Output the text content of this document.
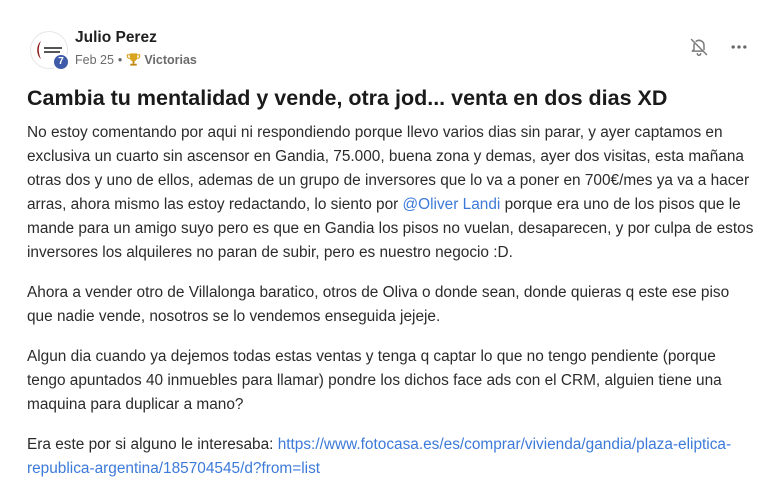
7
Julio Perez
Feb 25 • Victorias
Cambia tu mentalidad y vende, otra jod... venta en dos dias XD

No estoy comentando por aqui ni respondiendo porque llevo varios dias sin parar, y ayer captamos en exclusiva un cuarto sin ascensor en Gandia, 75.000, buena zona y demas, ayer dos visitas, esta mañana otras dos y uno de ellos, ademas de un grupo de inversores que lo va a poner en 700€/mes ya va a hacer arras, ahora mismo las estoy redactando, lo siento por @Oliver Landi porque era uno de los pisos que le mande para un amigo suyo pero es que en Gandia los pisos no vuelan, desaparecen, y por culpa de estos inversores los alquileres no paran de subir, pero es nuestro negocio :D.

Ahora a vender otro de Villalonga baratico, otros de Oliva o donde sean, donde quieras q este ese piso que nadie vende, nosotros se lo vendemos enseguida jejeje.

Algun dia cuando ya dejemos todas estas ventas y tenga q captar lo que no tengo pendiente (porque tengo apuntados 40 inmuebles para llamar) pondre los dichos face ads con el CRM, alguien tiene una maquina para duplicar a mano?

Era este por si alguno le interesaba: https://www.fotocasa.es/es/comprar/vivienda/gandia/plaza-eliptica-republica-argentina/185704545/d?from=list
